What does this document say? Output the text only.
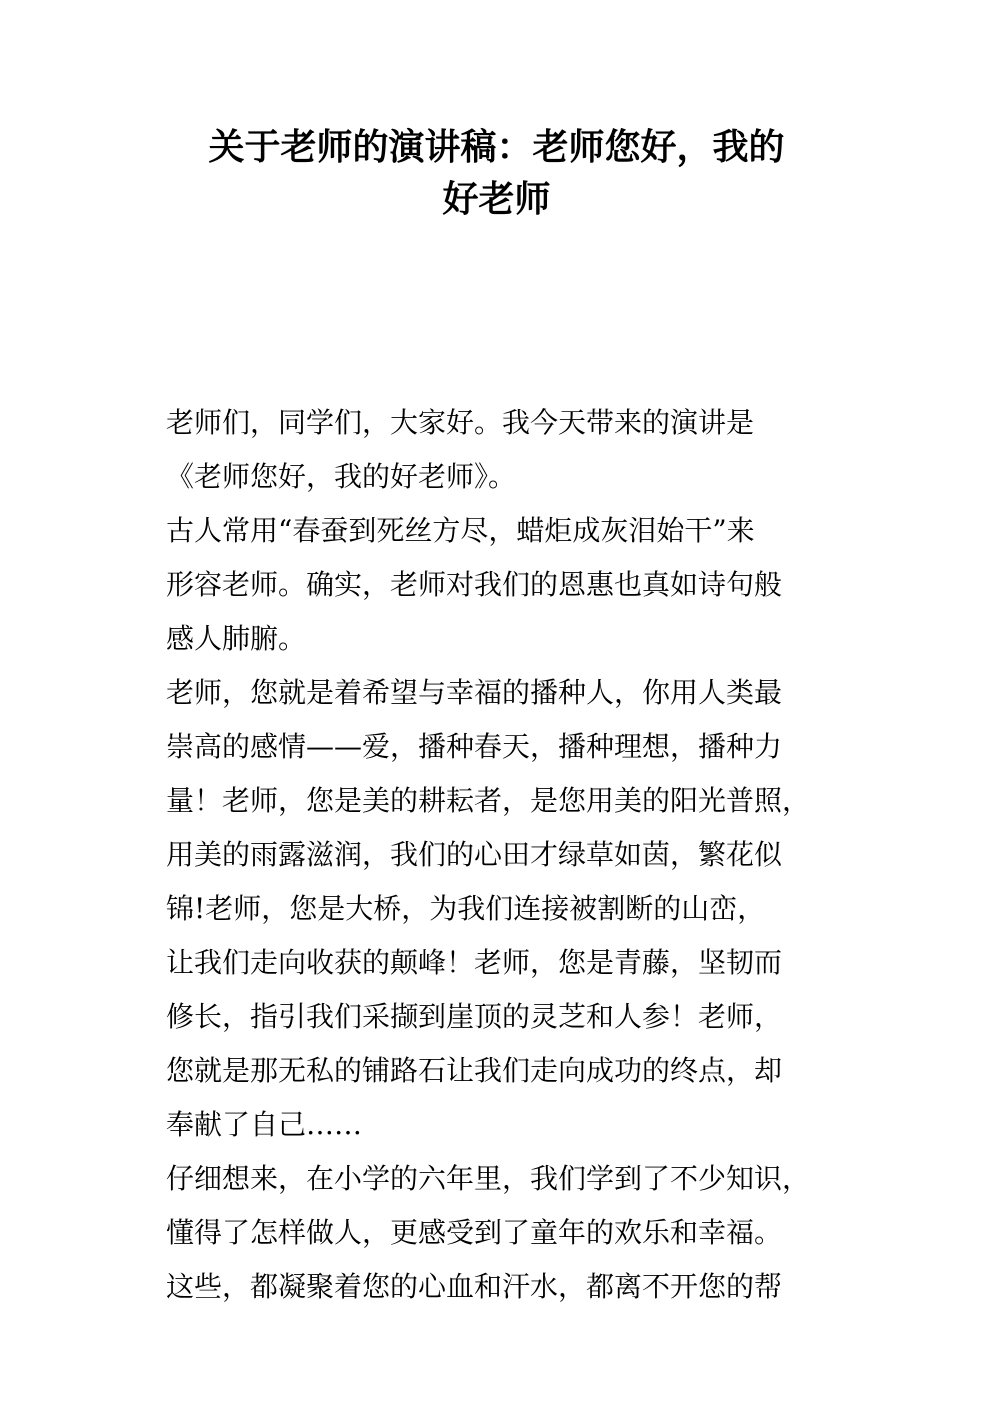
关于老师的演讲稿：老师您好，我的
好老师
老师们，同学们，大家好。我今天带来的演讲是
《老师您好，我的好老师》。
古人常用“春蚕到死丝方尽，蜡炬成灰泪始干”来
形容老师。确实，老师对我们的恩惠也真如诗句般
感人肺腑。
老师，您就是着希望与幸福的播种人，你用人类最
崇高的感情——爱，播种春天，播种理想，播种力
量！老师，您是美的耕耘者，是您用美的阳光普照，
用美的雨露滋润，我们的心田才绿草如茵，繁花似
锦!老师，您是大桥，为我们连接被割断的山峦，
让我们走向收获的颠峰！老师，您是青藤，坚韧而
修长，指引我们采撷到崖顶的灵芝和人参！老师，
您就是那无私的铺路石让我们走向成功的终点，却
奉献了自己……
仔细想来，在小学的六年里，我们学到了不少知识，
懂得了怎样做人，更感受到了童年的欢乐和幸福。
这些，都凝聚着您的心血和汗水，都离不开您的帮
